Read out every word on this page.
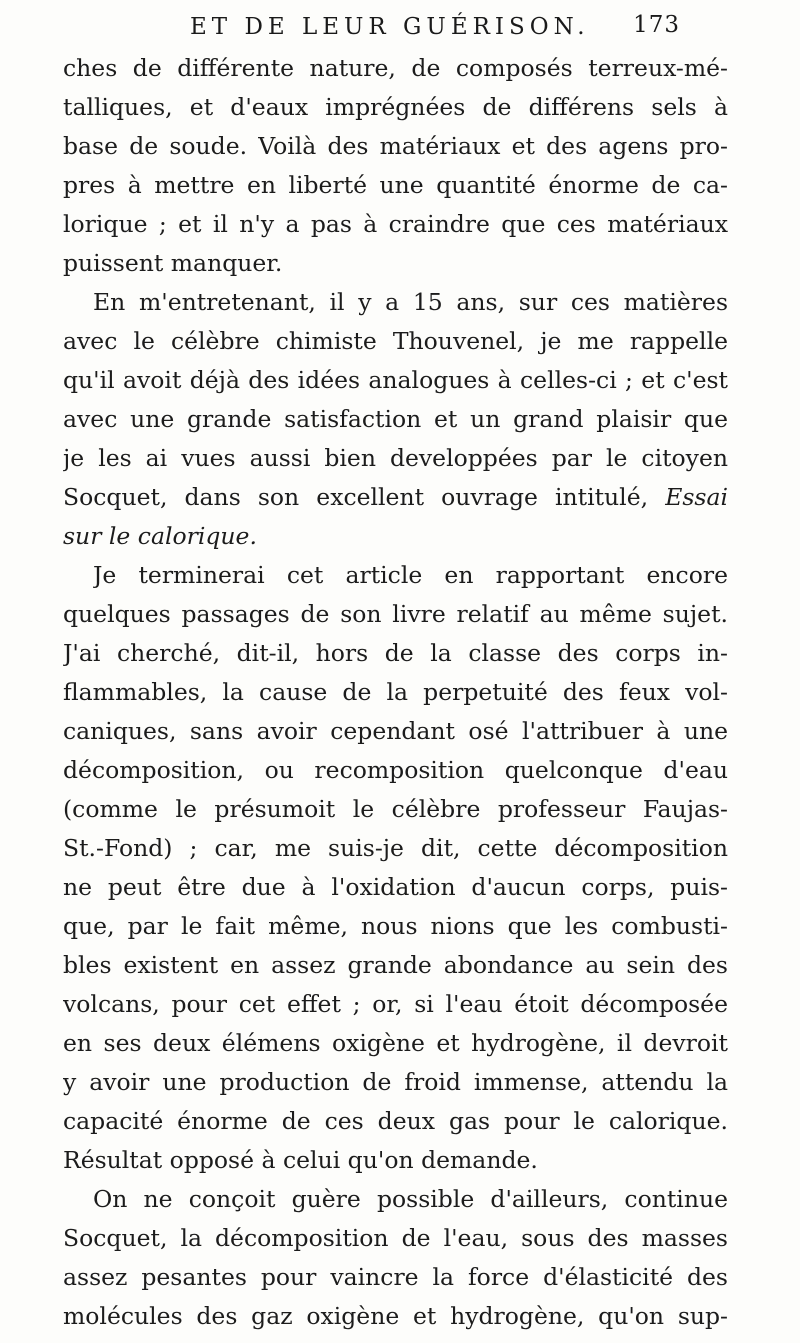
ET DE LEUR GUÉRISON. 173
ches de différente nature, de composés terreux-mé-
talliques, et d'eaux imprégnées de différens sels à
base de soude. Voilà des matériaux et des agens pro-
pres à mettre en liberté une quantité énorme de ca-
lorique ; et il n'y a pas à craindre que ces matériaux
puissent manquer.
En m'entretenant, il y a 15 ans, sur ces matières
avec le célèbre chimiste Thouvenel, je me rappelle
qu'il avoit déjà des idées analogues à celles-ci ; et c'est
avec une grande satisfaction et un grand plaisir que
je les ai vues aussi bien developpées par le citoyen
Socquet, dans son excellent ouvrage intitulé, Essai
sur le calorique.
Je terminerai cet article en rapportant encore
quelques passages de son livre relatif au même sujet.
J'ai cherché, dit-il, hors de la classe des corps in-
flammables, la cause de la perpetuité des feux vol-
caniques, sans avoir cependant osé l'attribuer à une
décomposition, ou recomposition quelconque d'eau
(comme le présumoit le célèbre professeur Faujas-
St.-Fond) ; car, me suis-je dit, cette décomposition
ne peut être due à l'oxidation d'aucun corps, puis-
que, par le fait même, nous nions que les combusti-
bles existent en assez grande abondance au sein des
volcans, pour cet effet ; or, si l'eau étoit décomposée
en ses deux élémens oxigène et hydrogène, il devroit
y avoir une production de froid immense, attendu la
capacité énorme de ces deux gas pour le calorique.
Résultat opposé à celui qu'on demande.
On ne conçoit guère possible d'ailleurs, continue
Socquet, la décomposition de l'eau, sous des masses
assez pesantes pour vaincre la force d'élasticité des
molécules des gaz oxigène et hydrogène, qu'on sup-
